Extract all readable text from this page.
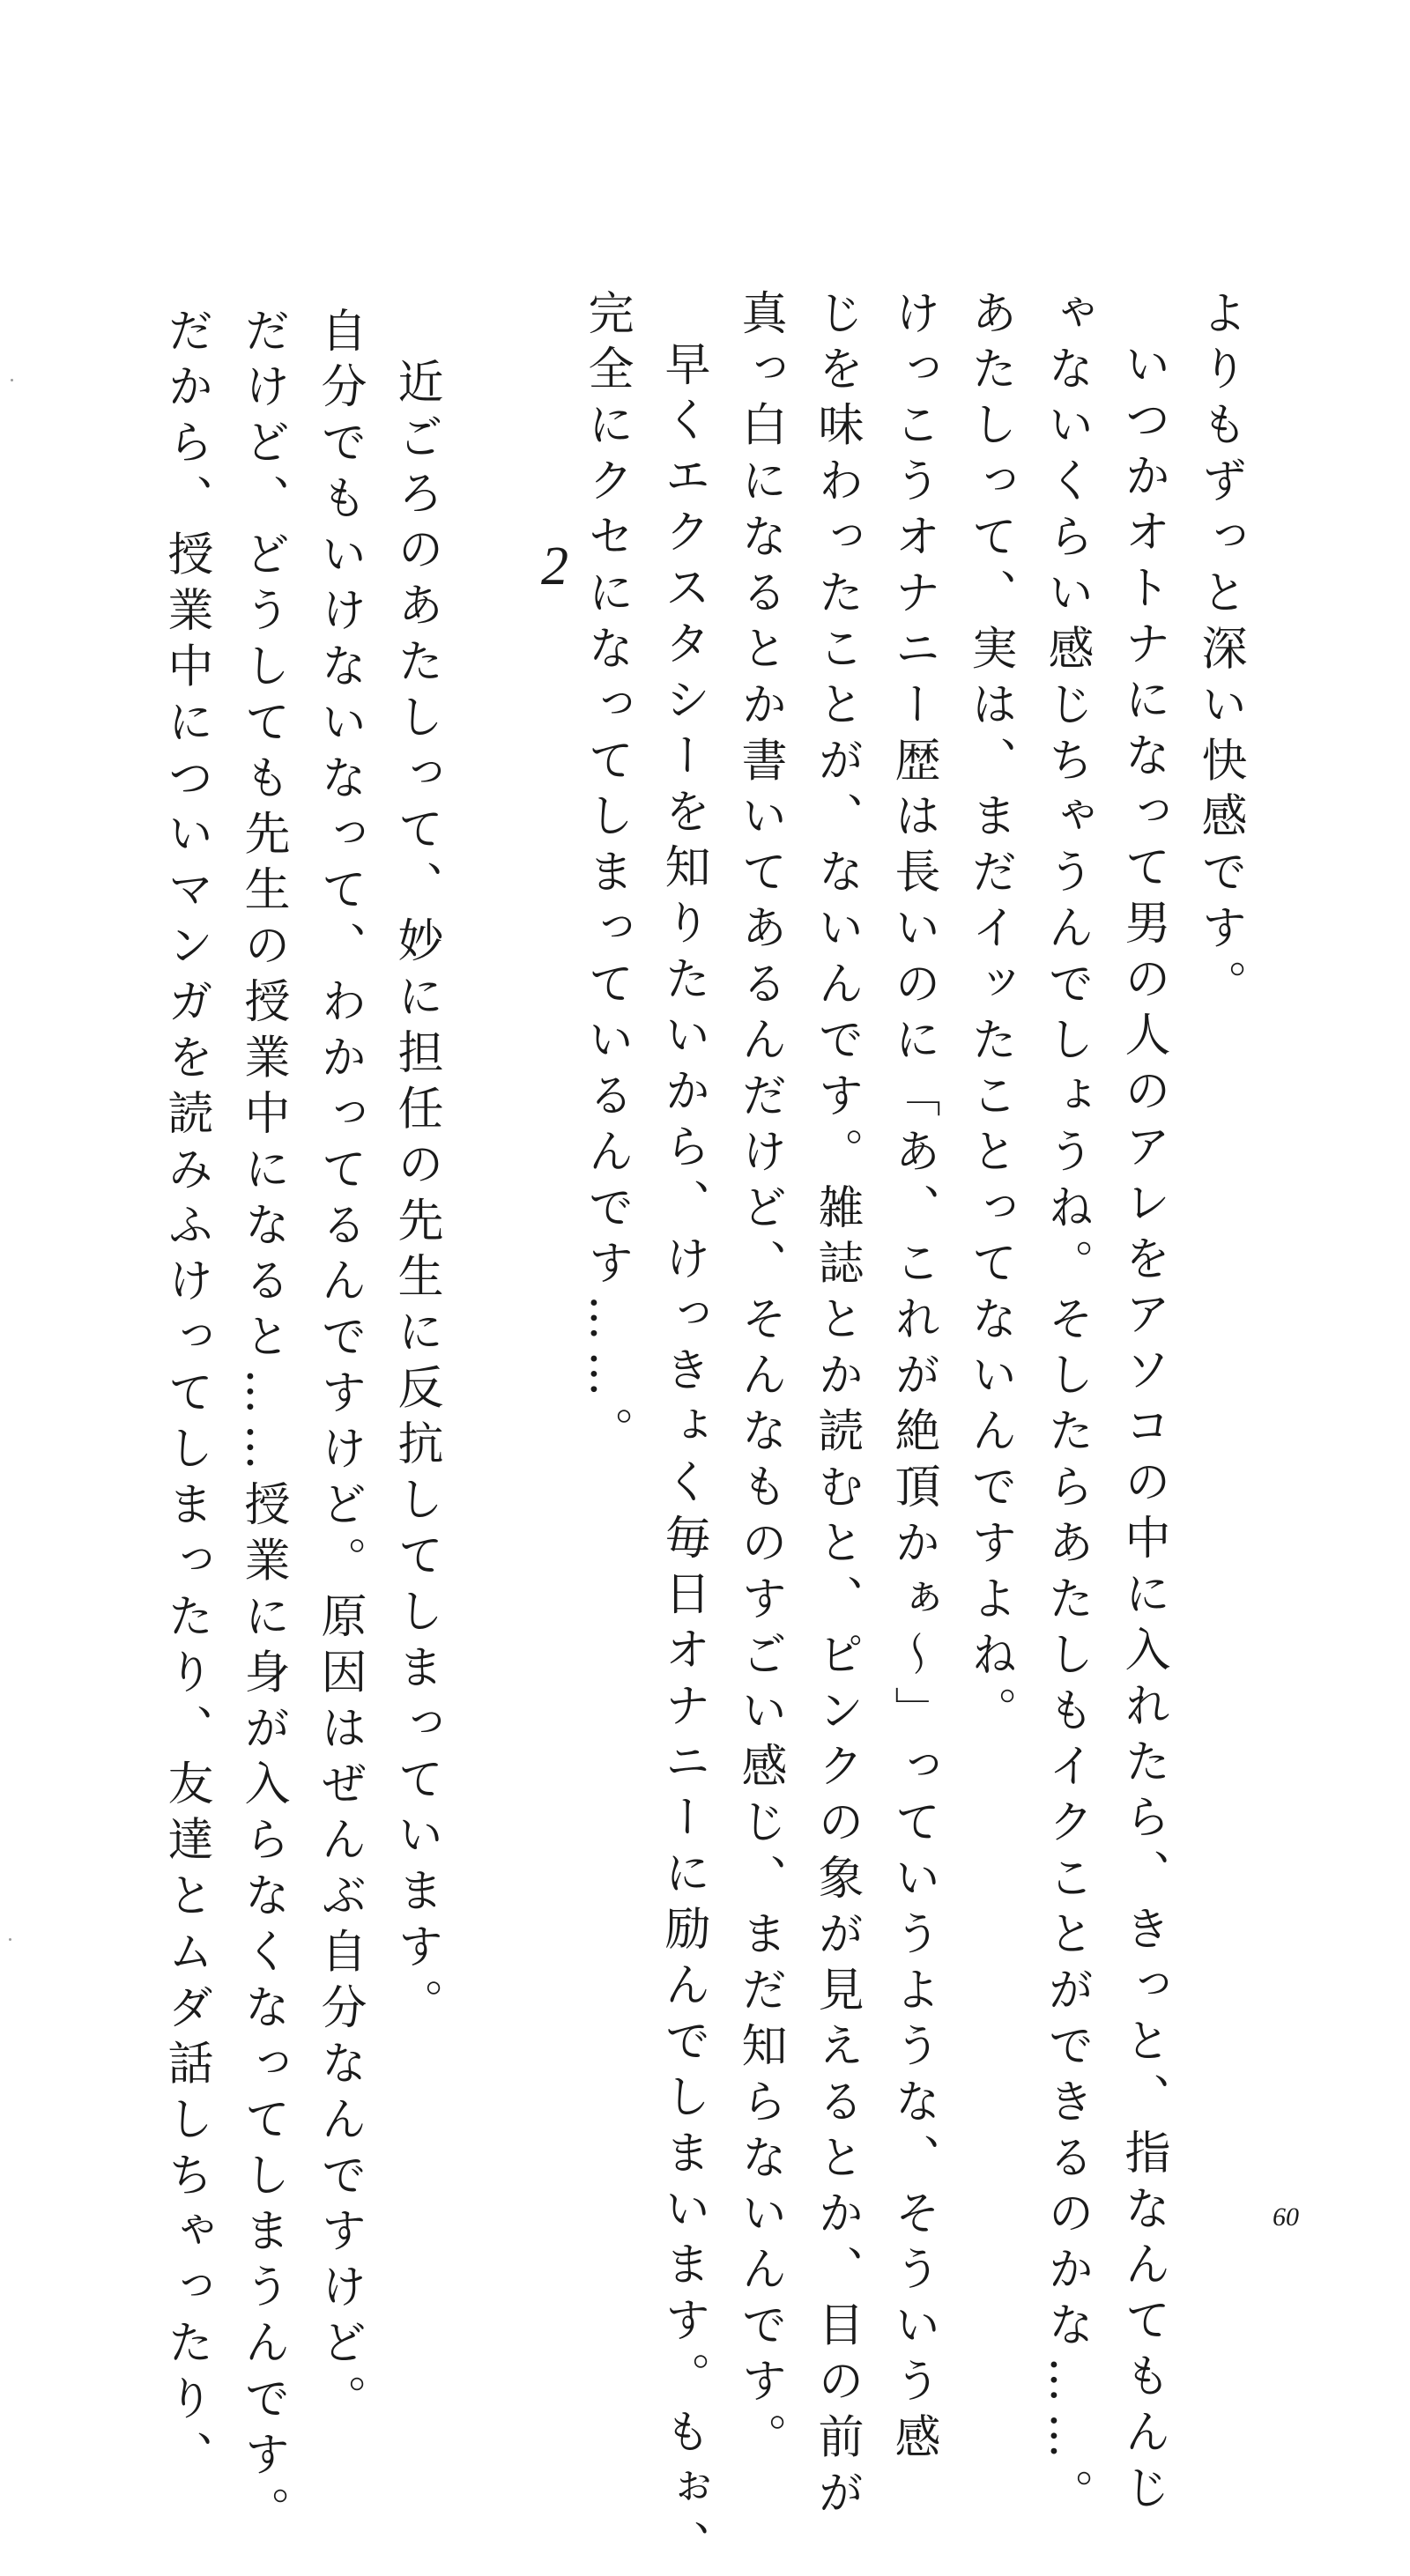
よりもずっと深い快感です。
いつかオトナになって男の人のアレをアソコの中に入れたら、きっと、指なんてもんじ
ゃないくらい感じちゃうんでしょうね。そしたらあたしもイクことができるのかな……。
あたしって、実は、まだイッたことってないんですよね。
けっこうオナニー歴は長いのに「あ、これが絶頂かぁ～」っていうような、そういう感
じを味わったことが、ないんです。雑誌とか読むと、ピンクの象が見えるとか、目の前が
真っ白になるとか書いてあるんだけど、そんなものすごい感じ、まだ知らないんです。
早くエクスタシーを知りたいから、けっきょく毎日オナニーに励んでしまいます。もぉ、
完全にクセになってしまっているんです……。
2
近ごろのあたしって、妙に担任の先生に反抗してしまっています。
自分でもいけないなって、わかってるんですけど。原因はぜんぶ自分なんですけど。
だけど、どうしても先生の授業中になると……授業に身が入らなくなってしまうんです。
だから、授業中についマンガを読みふけってしまったり、友達とムダ話しちゃったり、	60
